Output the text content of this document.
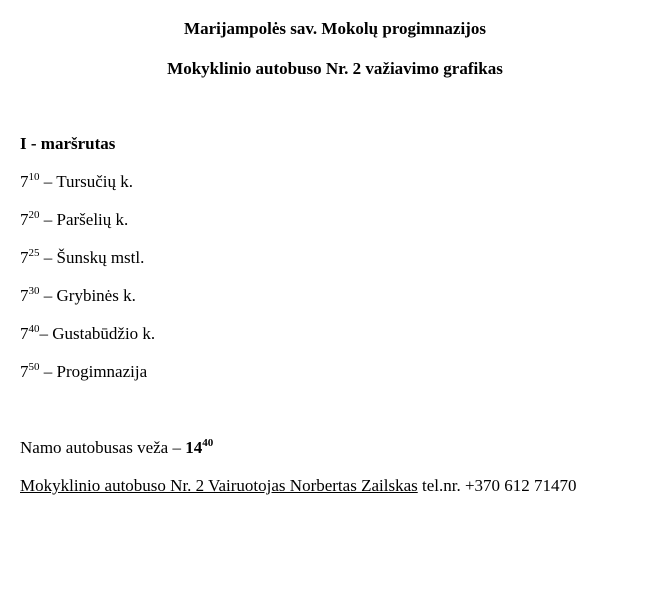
Marijampolės sav. Mokolų progimnazijos
Mokyklinio autobuso Nr. 2 važiavimo grafikas
I - maršrutas
$7^{10}$ – Tursučių k.
$7^{20}$ – Paršelių k.
$7^{25}$ – Šunskų mstl.
$7^{30}$ – Grybinės k.
$7^{40}-$ Gustabūdžio k.
$7^{50}$ – Progimnazija
Namo autobusas veža – $14^{40}$
Mokyklinio autobuso Nr. 2 Vairuotojas Norbertas Zailskas tel.nr. +370 612 71470
